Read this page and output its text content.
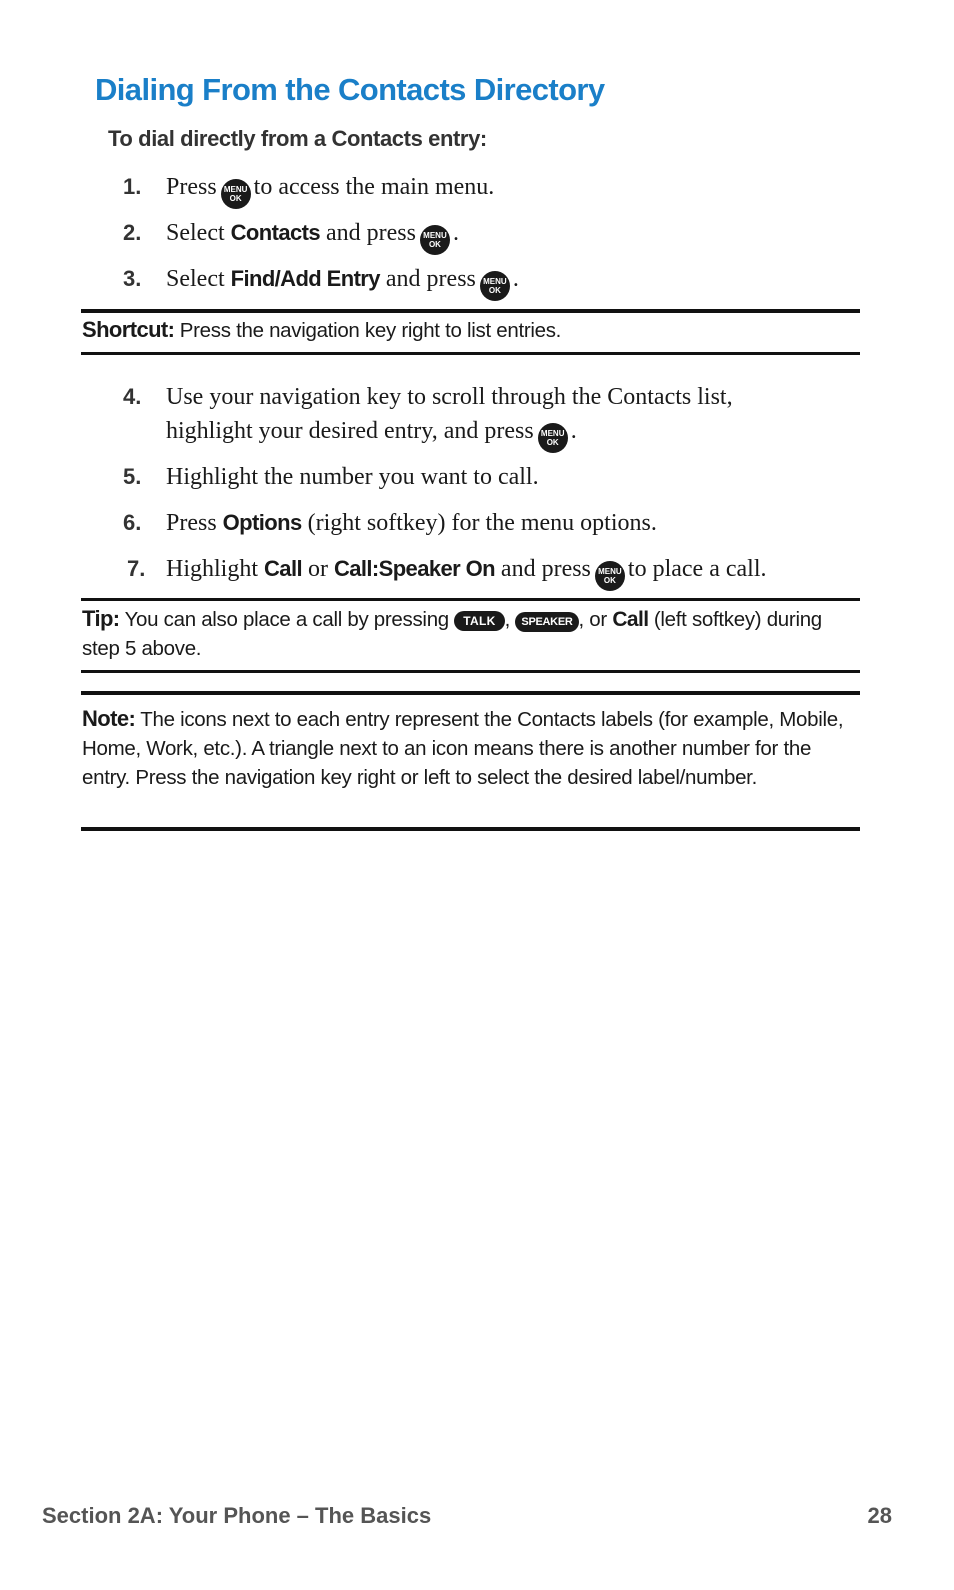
Dialing From the Contacts Directory

To dial directly from a Contacts entry:

1.	Press MENU
OK to access the main menu.
2.	Select Contacts and press MENU
OK .
3.	Select Find/Add Entry and press MENU
OK .

Shortcut: Press the navigation key right to list entries.

4.	Use your navigation key to scroll through the Contacts list, highlight your desired entry, and press MENU
OK .
5.	Highlight the number you want to call.
6.	Press Options (right softkey) for the menu options.
7. Highlight Call or Call:Speaker On and press MENU
OK to place a call.

Tip: You can also place a call by pressing TALK , SPEAKER , or Call (left softkey) during step 5 above.

Note: The icons next to each entry represent the Contacts labels (for example, Mobile, Home, Work, etc.). A triangle next to an icon means there is another number for the entry. Press the navigation key right or left to select the desired label/number.

Section 2A: Your Phone – The Basics	28
